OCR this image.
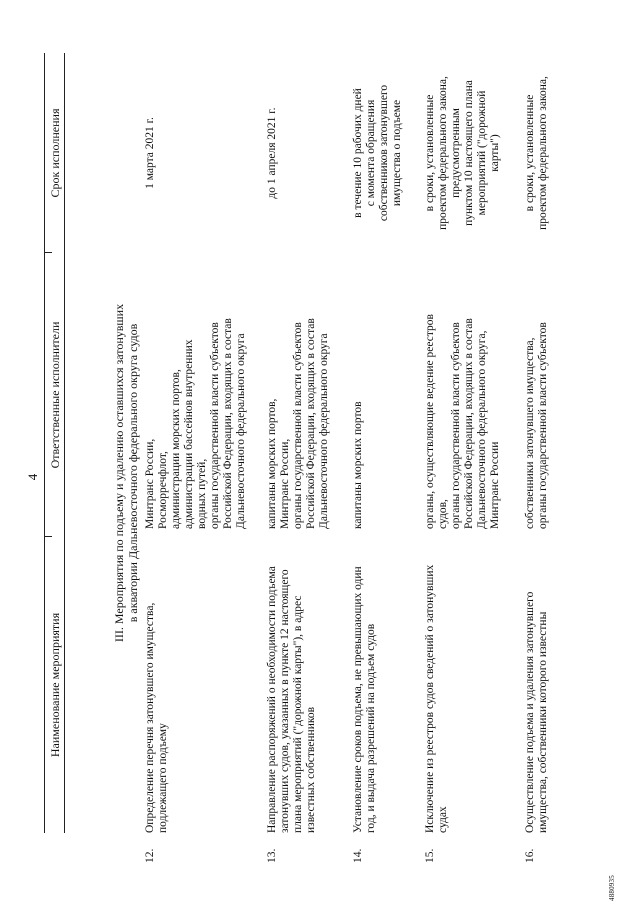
4
Наименование мероприятия
Ответственные исполнители
Срок исполнения
III. Мероприятия по подъему и удалению оставшихся затонувших в акватории Дальневосточного федерального округа судов
12.
Определение перечня затонувшего имущества, подлежащего подъему
Минтранс России, Росморречфлот, администрации морских портов, администрации бассейнов внутренних водных путей, органы государственной власти субъектов Российской Федерации, входящих в состав Дальневосточного федерального округа
1 марта 2021 г.
13.
Направление распоряжений о необходимости подъема затонувших судов, указанных в пункте 12 настоящего плана мероприятий ("дорожной карты"), в адрес известных собственников
капитаны морских портов, Минтранс России, органы государственной власти субъектов Российской Федерации, входящих в состав Дальневосточного федерального округа
до 1 апреля 2021 г.
14.
Установление сроков подъема, не превышающих один год, и выдача разрешений на подъем судов
капитаны морских портов
в течение 10 рабочих дней с момента обращения собственников затонувшего имущества о подъеме
15.
Исключение из реестров судов сведений о затонувших судах
органы, осуществляющие ведение реестров судов, органы государственной власти субъектов Российской Федерации, входящих в состав Дальневосточного федерального округа, Минтранс России
в сроки, установленные проектом федерального закона, предусмотренным пунктом 10 настоящего плана мероприятий ("дорожной карты")
16.
Осуществление подъема и удаления затонувшего имущества, собственники которого известны
собственники затонувшего имущества, органы государственной власти субъектов
в сроки, установленные проектом федерального закона,
4880935
